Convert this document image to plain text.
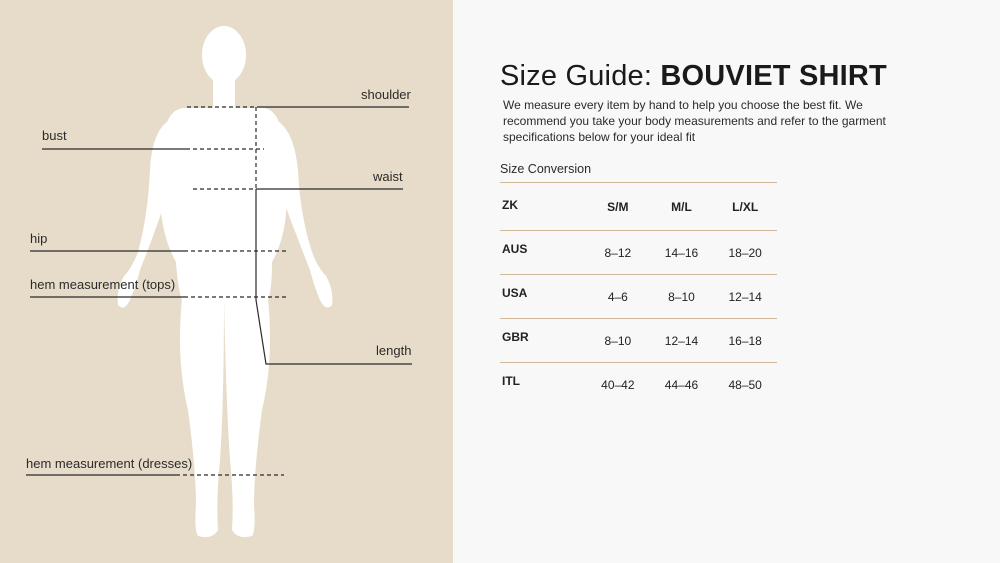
shoulder
bust
waist
hip
hem measurement (tops)
length
hem measurement (dresses)
Size Guide: BOUVIET SHIRT
We measure every item by hand to help you choose the best fit. We recommend you take your body measurements and refer to the garment specifications below for your ideal fit
Size Conversion
ZK	S/M	M/L	L/XL
AUS	8–12	14–16	18–20
USA	4–6	8–10	12–14
GBR	8–10	12–14	16–18
ITL	40–42	44–46	48–50
